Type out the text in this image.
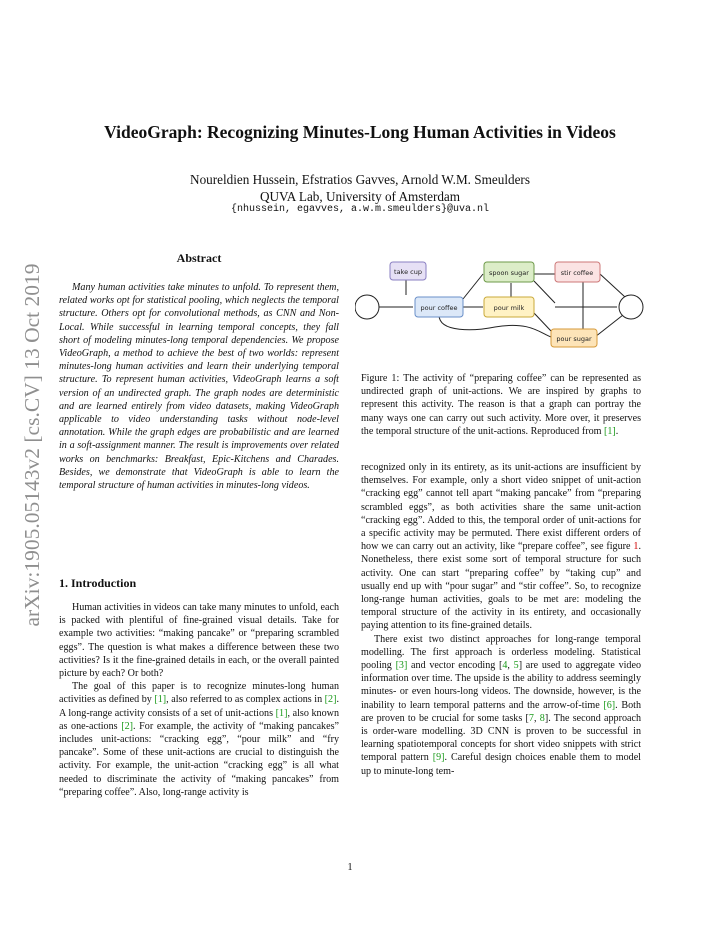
VideoGraph: Recognizing Minutes-Long Human Activities in Videos
Noureldien Hussein, Efstratios Gavves, Arnold W.M. Smeulders
QUVA Lab, University of Amsterdam
{nhussein, egavves, a.w.m.smeulders}@uva.nl
arXiv:1905.05143v2 [cs.CV] 13 Oct 2019
Abstract

Many human activities take minutes to unfold. To represent them, related works opt for statistical pooling, which neglects the temporal structure. Others opt for convolutional methods, as CNN and Non-Local. While successful in learning temporal concepts, they fall short of modeling minutes-long temporal dependencies. We propose VideoGraph, a method to achieve the best of two worlds: represent minutes-long human activities and learn their underlying temporal structure. To represent human activities, VideoGraph learns a soft version of an undirected graph. The graph nodes are deterministic and are learned entirely from video datasets, making VideoGraph applicable to video understanding tasks without node-level annotation. While the graph edges are probabilistic and are learned in a soft-assignment manner. The result is improvements over related works on benchmarks: Breakfast, Epic-Kitchens and Charades. Besides, we demonstrate that VideoGraph is able to learn the temporal structure of human activities in minutes-long videos.

1. Introduction

Human activities in videos can take many minutes to unfold, each is packed with plentiful of fine-grained visual details. Take for example two activities: “making pancake” or “preparing scrambled eggs”. The question is what makes a difference between these two activities? Is it the fine-grained details in each, or the overall painted picture by each? Or both?

The goal of this paper is to recognize minutes-long human activities as defined by [1], also referred to as complex actions in [2]. A long-range activity consists of a set of unit-actions [1], also known as one-actions [2]. For example, the activity of “making pancakes” includes unit-actions: “cracking egg”, “pour milk” and “fry pancake”. Some of these unit-actions are crucial to distinguish the activity. For example, the unit-action “cracking egg” is all what needed to discriminate the activity of “making pancakes” from “preparing coffee”. Also, long-range activity is

take cup	spoon sugar	stir coffee
pour coffee	pour milk
pour sugar

Figure 1: The activity of “preparing coffee” can be represented as undirected graph of unit-actions. We are inspired by graphs to represent this activity. The reason is that a graph can portray the many ways one can carry out such activity. More over, it preserves the temporal structure of the unit-actions. Reproduced from [1].

recognized only in its entirety, as its unit-actions are insufficient by themselves. For example, only a short video snippet of unit-action “cracking egg” cannot tell apart “making pancake” from “preparing scrambled eggs”, as both activities share the same unit-action “cracking egg”. Added to this, the temporal order of unit-actions for a specific activity may be permuted. There exist different orders of how we can carry out an activity, like “prepare coffee”, see figure 1. Nonetheless, there exist some sort of temporal structure for such activity. One can start “preparing coffee” by “taking cup” and usually end up with “pour sugar” and “stir coffee”. So, to recognize long-range human activities, goals to be met are: modeling the temporal structure of the activity in its entirety, and occasionally paying attention to its fine-grained details.

There exist two distinct approaches for long-range temporal modelling. The first approach is orderless modeling. Statistical pooling [3] and vector encoding [4, 5] are used to aggregate video information over time. The upside is the ability to address seemingly minutes- or even hours-long videos. The downside, however, is the inability to learn temporal patterns and the arrow-of-time [6]. Both are proven to be crucial for some tasks [7, 8]. The second approach is order-ware modelling. 3D CNN is proven to be successful in learning spatiotemporal concepts for short video snippets with strict temporal pattern [9]. Careful design choices enable them to model up to minute-long tem-

1
